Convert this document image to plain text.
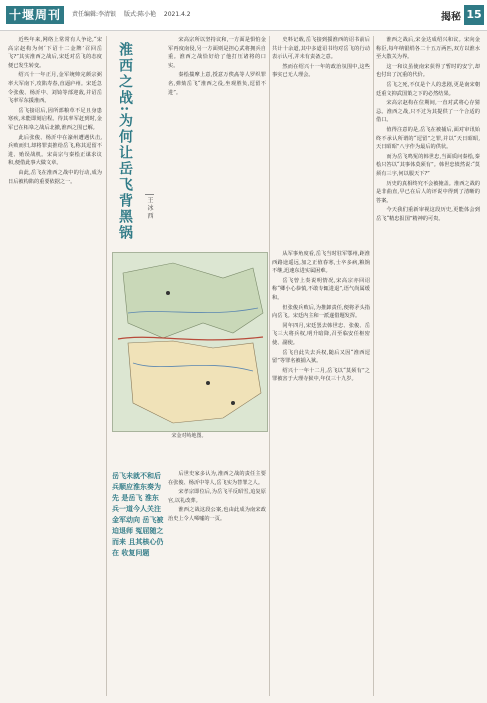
十堰周刊	责任编辑:李清银 版式:陈小艳 2021.4.2	揭秘 15

近些年来,网络上常常有人争论,“宋高宗赵构为何‘下诏十二金牌’召回岳飞?”其实淮西之战后,宋廷对岳飞的态度便已发生转变。

绍兴十一年正月,金军统帅完颜宗弼率大军南下,攻陷寿春,直逼庐州。宋廷急令张俊、杨沂中、刘锜等部迎敌,并诏岳飞率军东援淮西。

岳飞接诏后,因所部粮草不足且身患寒疾,未能即刻启程。待其率军赶到时,金军已在柘皋之战后北撤,淮西之围已解。

此后张俊、杨沂中在濠州遭遇伏击,兵败而归,却将罪责推给岳飞,称其逗留不进、贻误战机。宋高宗与秦桧正谋求议和,便借此事大做文章。

由此,岳飞在淮西之战中的行动,成为日后被构陷的重要依据之一。	淮西之战:为何让岳飞背黑锅 王 冰 西

宋高宗所以坚持议和,一方面是惧怕金军再度南侵,另一方面则是担心武将拥兵自重。淮西之战恰好给了他打压诸将的口实。

秦桧揣摩上意,授意万俟卨等人罗织罪名,弹劾岳飞“淮西之役,坐观胜负,逗留不进”。

史料记载,岳飞接到援淮西的诏书前后共计十余道,其中多道诏书均对岳飞的行动表示认可,并未有责备之意。

然而在绍兴十一年的政治氛围中,这些事实已无人理会。

宋金对峙地图。
岳飞未就不和后兵顺应淮东奏为先 是岳飞 淮东 兵一道今人关注金军动向 岳飞被迫退师 冤屈随之而来 且其核心仍在 收复问题

后世史家多认为,淮西之战的责任主要在张俊、杨沂中等人,岳飞实为替罪之人。

宋孝宗即位后,为岳飞平反昭雪,追复原官,以礼改葬。

淮西之战这段公案,也由此成为南宋政治史上令人唏嘘的一页。

从军事角度看,岳飞当时驻军鄂州,距淮西路途遥远,加之正值春寒,士卒多病,粮饷不继,迅速东进实属困难。

岳飞曾上奏说明情况,宋高宗亦回诏称“卿小心恭慎,不敢专辄进退”,语气尚属缓和。

但张俊兵败后,为推卸责任,便将矛头指向岳飞。宋廷内主和一派遂借题发挥。

同年四月,宋廷罢去韩世忠、张俊、岳飞三大将兵权,明升暗降,召至临安任枢密使、副使。

岳飞自此失去兵权,随后又因“淮西逗留”等罪名被捕入狱。

绍兴十一年十二月,岳飞以“莫须有”之罪被害于大理寺狱中,年仅三十九岁。

淮西之战后,宋金达成绍兴和议。宋向金称臣,每年纳银绢各二十五万两匹,双方以淮水至大散关为界。

这一和议虽使南宋获得了暂时的安宁,却也付出了沉重的代价。

岳飞之死,不仅是个人的悲剧,更是南宋朝廷重文抑武国策之下的必然结果。

宋高宗赵构在位期间,一直对武将心存猜忌。淮西之战,只不过为其提供了一个合适的借口。

值得注意的是,岳飞在被捕后,面对审讯始终不承认所谓的“逗留”之罪,并以“天日昭昭,天日昭昭”八字作为最后的供状。

而为岳飞鸣冤的韩世忠,当面质问秦桧,秦桧只答以“其事体莫须有”。韩世忠愤然说:“莫须有三字,何以服天下?”

历史的真相终究不会被掩盖。淮西之战的是非曲直,早已在后人的评说中得到了清晰的答案。

今天我们重新审视这段历史,更能体会到岳飞“精忠报国”精神的可贵。
